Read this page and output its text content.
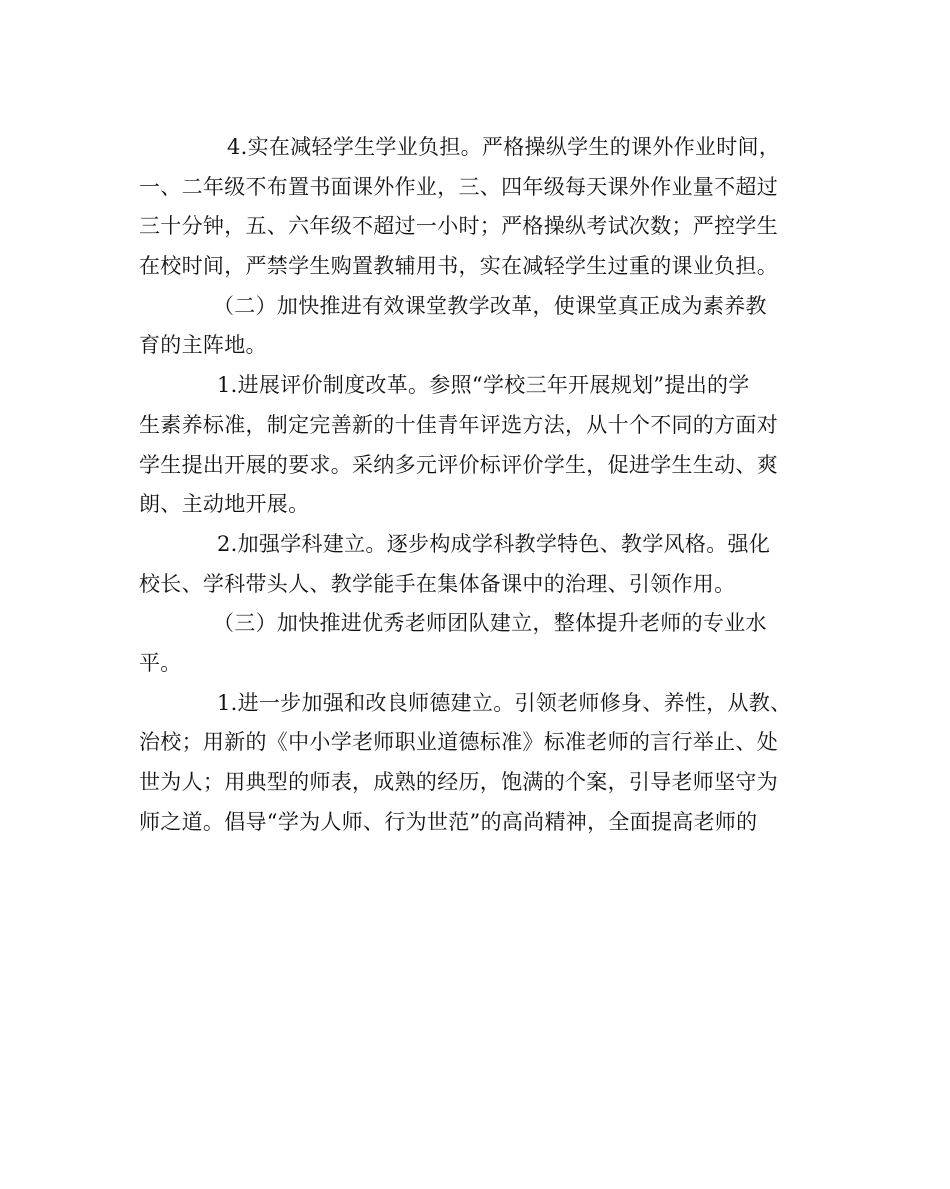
4.实在减轻学生学业负担。严格操纵学生的课外作业时间，
一、二年级不布置书面课外作业，三、四年级每天课外作业量不超过
三十分钟，五、六年级不超过一小时；严格操纵考试次数；严控学生
在校时间，严禁学生购置教辅用书，实在减轻学生过重的课业负担。
（二）加快推进有效课堂教学改革，使课堂真正成为素养教
育的主阵地。
1.进展评价制度改革。参照“学校三年开展规划”提出的学
生素养标准，制定完善新的十佳青年评选方法，从十个不同的方面对
学生提出开展的要求。采纳多元评价标评价学生，促进学生生动、爽
朗、主动地开展。
2.加强学科建立。逐步构成学科教学特色、教学风格。强化
校长、学科带头人、教学能手在集体备课中的治理、引领作用。
（三）加快推进优秀老师团队建立，整体提升老师的专业水
平。
1.进一步加强和改良师德建立。引领老师修身、养性，从教、
治校；用新的《中小学老师职业道德标准》标准老师的言行举止、处
世为人；用典型的师表，成熟的经历，饱满的个案，引导老师坚守为
师之道。倡导“学为人师、行为世范”的高尚精神，全面提高老师的
